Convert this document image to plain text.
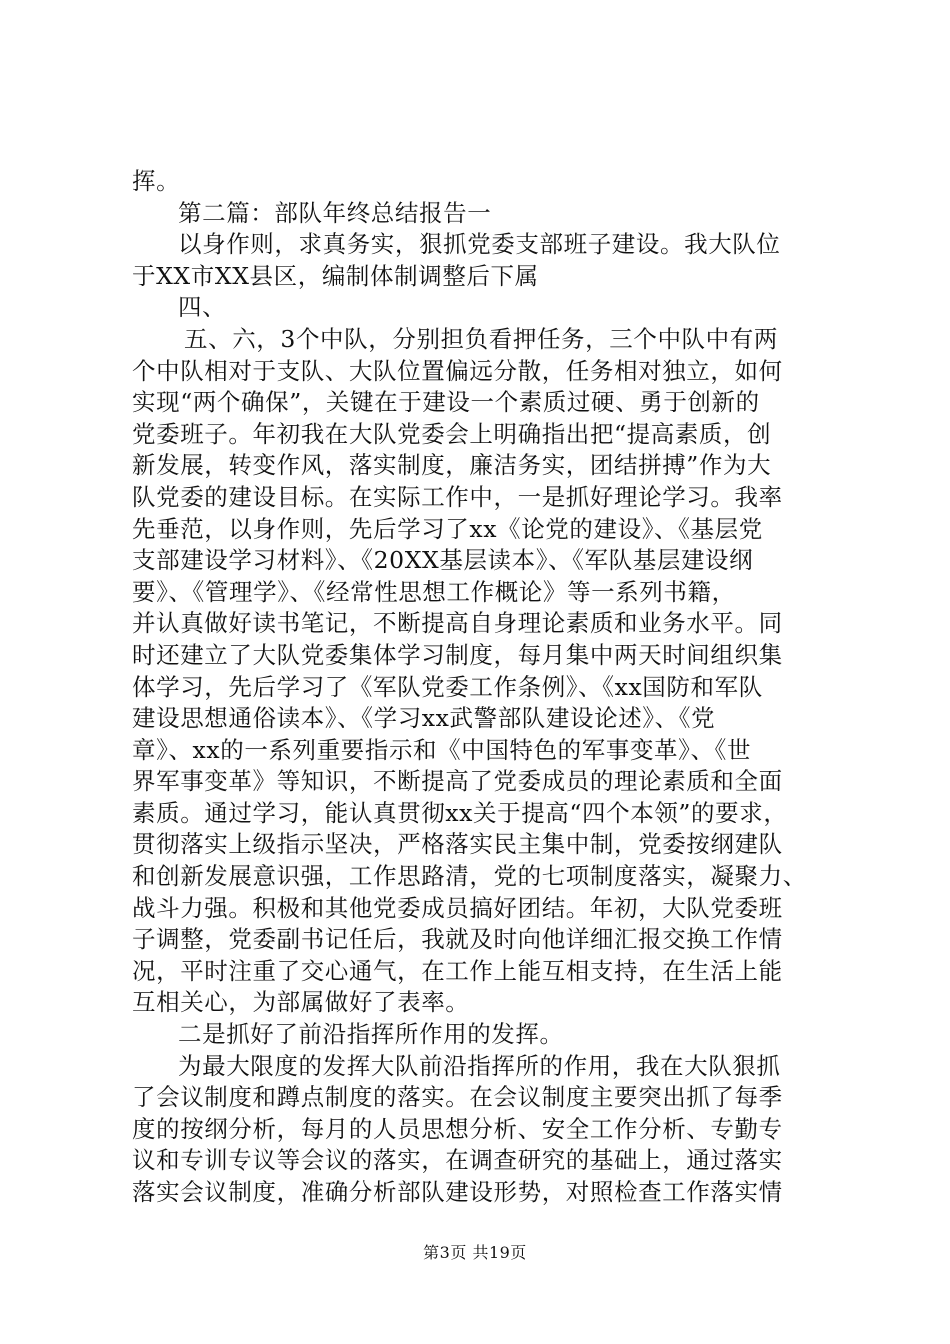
挥。
第二篇：部队年终总结报告一
以身作则，求真务实，狠抓党委支部班子建设。我大队位
于XX市XX县区，编制体制调整后下属
四、
五、六，3个中队，分别担负看押任务，三个中队中有两
个中队相对于支队、大队位置偏远分散，任务相对独立，如何
实现“两个确保”，关键在于建设一个素质过硬、勇于创新的
党委班子。年初我在大队党委会上明确指出把“提高素质，创
新发展，转变作风，落实制度，廉洁务实，团结拼搏”作为大
队党委的建设目标。在实际工作中，一是抓好理论学习。我率
先垂范，以身作则，先后学习了xx《论党的建设》、《基层党
支部建设学习材料》、《20XX基层读本》、《军队基层建设纲
要》、《管理学》、《经常性思想工作概论》等一系列书籍，
并认真做好读书笔记，不断提高自身理论素质和业务水平。同
时还建立了大队党委集体学习制度，每月集中两天时间组织集
体学习，先后学习了《军队党委工作条例》、《xx国防和军队
建设思想通俗读本》、《学习xx武警部队建设论述》、《党
章》、xx的一系列重要指示和《中国特色的军事变革》、《世
界军事变革》等知识，不断提高了党委成员的理论素质和全面
素质。通过学习，能认真贯彻xx关于提高“四个本领”的要求，
贯彻落实上级指示坚决，严格落实民主集中制，党委按纲建队
和创新发展意识强，工作思路清，党的七项制度落实，凝聚力、
战斗力强。积极和其他党委成员搞好团结。年初，大队党委班
子调整，党委副书记任后，我就及时向他详细汇报交换工作情
况，平时注重了交心通气，在工作上能互相支持，在生活上能
互相关心，为部属做好了表率。
二是抓好了前沿指挥所作用的发挥。
为最大限度的发挥大队前沿指挥所的作用，我在大队狠抓
了会议制度和蹲点制度的落实。在会议制度主要突出抓了每季
度的按纲分析，每月的人员思想分析、安全工作分析、专勤专
议和专训专议等会议的落实，在调查研究的基础上，通过落实
落实会议制度，准确分析部队建设形势，对照检查工作落实情
第3页 共19页
